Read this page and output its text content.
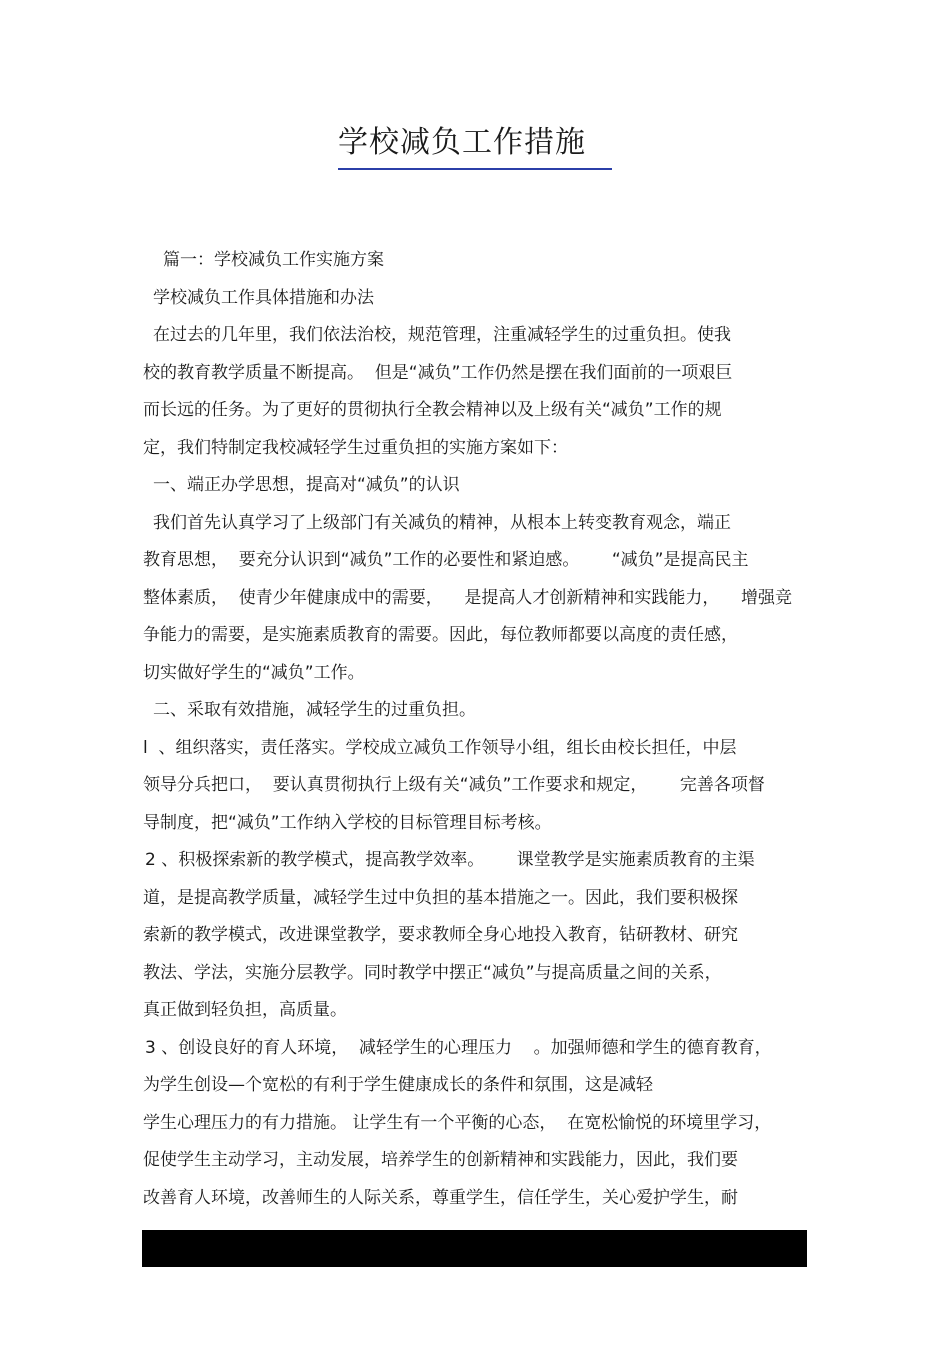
学校减负工作措施
篇一：学校减负工作实施方案
学校减负工作具体措施和办法
在过去的几年里，我们依法治校，规范管理，注重减轻学生的过重负担。使我
校的教育教学质量不断提高。  但是“减负”工作仍然是摆在我们面前的一项艰巨
而长远的任务。为了更好的贯彻执行全教会精神以及上级有关“减负”工作的规
定，我们特制定我校减轻学生过重负担的实施方案如下：
一、端正办学思想，提高对“减负”的认识
我们首先认真学习了上级部门有关减负的精神，从根本上转变教育观念，端正
教育思想，  要充分认识到“减负”工作的必要性和紧迫感。      “减负”是提高民主
整体素质，  使青少年健康成中的需要，    是提高人才创新精神和实践能力，    增强竞
争能力的需要，是实施素质教育的需要。因此，每位教师都要以高度的责任感，
切实做好学生的“减负”工作。
二、采取有效措施，减轻学生的过重负担。
l  、组织落实，责任落实。学校成立减负工作领导小组，组长由校长担任，中层
领导分兵把口，  要认真贯彻执行上级有关“减负”工作要求和规定，      完善各项督
导制度，把“减负”工作纳入学校的目标管理目标考核。
2 、积极探索新的教学模式，提高教学效率。      课堂教学是实施素质教育的主渠
道，是提高教学质量，减轻学生过中负担的基本措施之一。因此，我们要积极探
索新的教学模式，改进课堂教学，要求教师全身心地投入教育，钻研教材、研究
教法、学法，实施分层教学。同时教学中摆正“减负”与提高质量之间的关系，
真正做到轻负担，高质量。
3 、创设良好的育人环境，  减轻学生的心理压力    。加强师德和学生的德育教育，
为学生创设—个宽松的有利于学生健康成长的条件和氛围，这是减轻
学生心理压力的有力措施。 让学生有一个平衡的心态，  在宽松愉悦的环境里学习，
促使学生主动学习，主动发展，培养学生的创新精神和实践能力，因此，我们要
改善育人环境，改善师生的人际关系，尊重学生，信任学生，关心爱护学生，耐
